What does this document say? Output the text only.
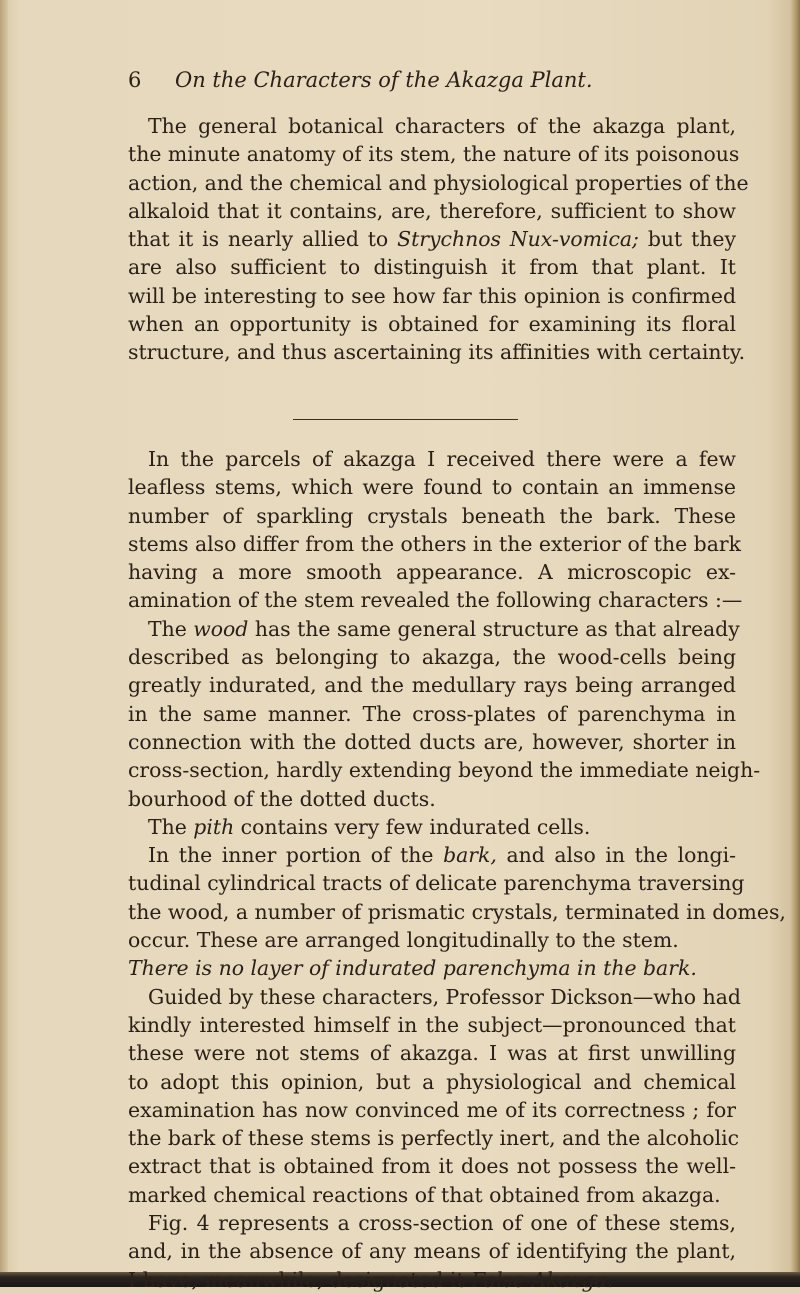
6 On the Characters of the Akazga Plant.
The general botanical characters of the akazga plant,
the minute anatomy of its stem, the nature of its poisonous
action, and the chemical and physiological properties of the
alkaloid that it contains, are, therefore, sufficient to show
that it is nearly allied to Strychnos Nux-vomica; but they
are also sufficient to distinguish it from that plant. It
will be interesting to see how far this opinion is confirmed
when an opportunity is obtained for examining its floral
structure, and thus ascertaining its affinities with certainty.
In the parcels of akazga I received there were a few
leafless stems, which were found to contain an immense
number of sparkling crystals beneath the bark. These
stems also differ from the others in the exterior of the bark
having a more smooth appearance. A microscopic ex-
amination of the stem revealed the following characters :—
The wood has the same general structure as that already
described as belonging to akazga, the wood-cells being
greatly indurated, and the medullary rays being arranged
in the same manner. The cross-plates of parenchyma in
connection with the dotted ducts are, however, shorter in
cross-section, hardly extending beyond the immediate neigh-
bourhood of the dotted ducts.
The pith contains very few indurated cells.
In the inner portion of the bark, and also in the longi-
tudinal cylindrical tracts of delicate parenchyma traversing
the wood, a number of prismatic crystals, terminated in domes,
occur. These are arranged longitudinally to the stem.
There is no layer of indurated parenchyma in the bark.
Guided by these characters, Professor Dickson—who had
kindly interested himself in the subject—pronounced that
these were not stems of akazga. I was at first unwilling
to adopt this opinion, but a physiological and chemical
examination has now convinced me of its correctness ; for
the bark of these stems is perfectly inert, and the alcoholic
extract that is obtained from it does not possess the well-
marked chemical reactions of that obtained from akazga.
Fig. 4 represents a cross-section of one of these stems,
and, in the absence of any means of identifying the plant,
I have, meanwhile, designated it False Akazga.
